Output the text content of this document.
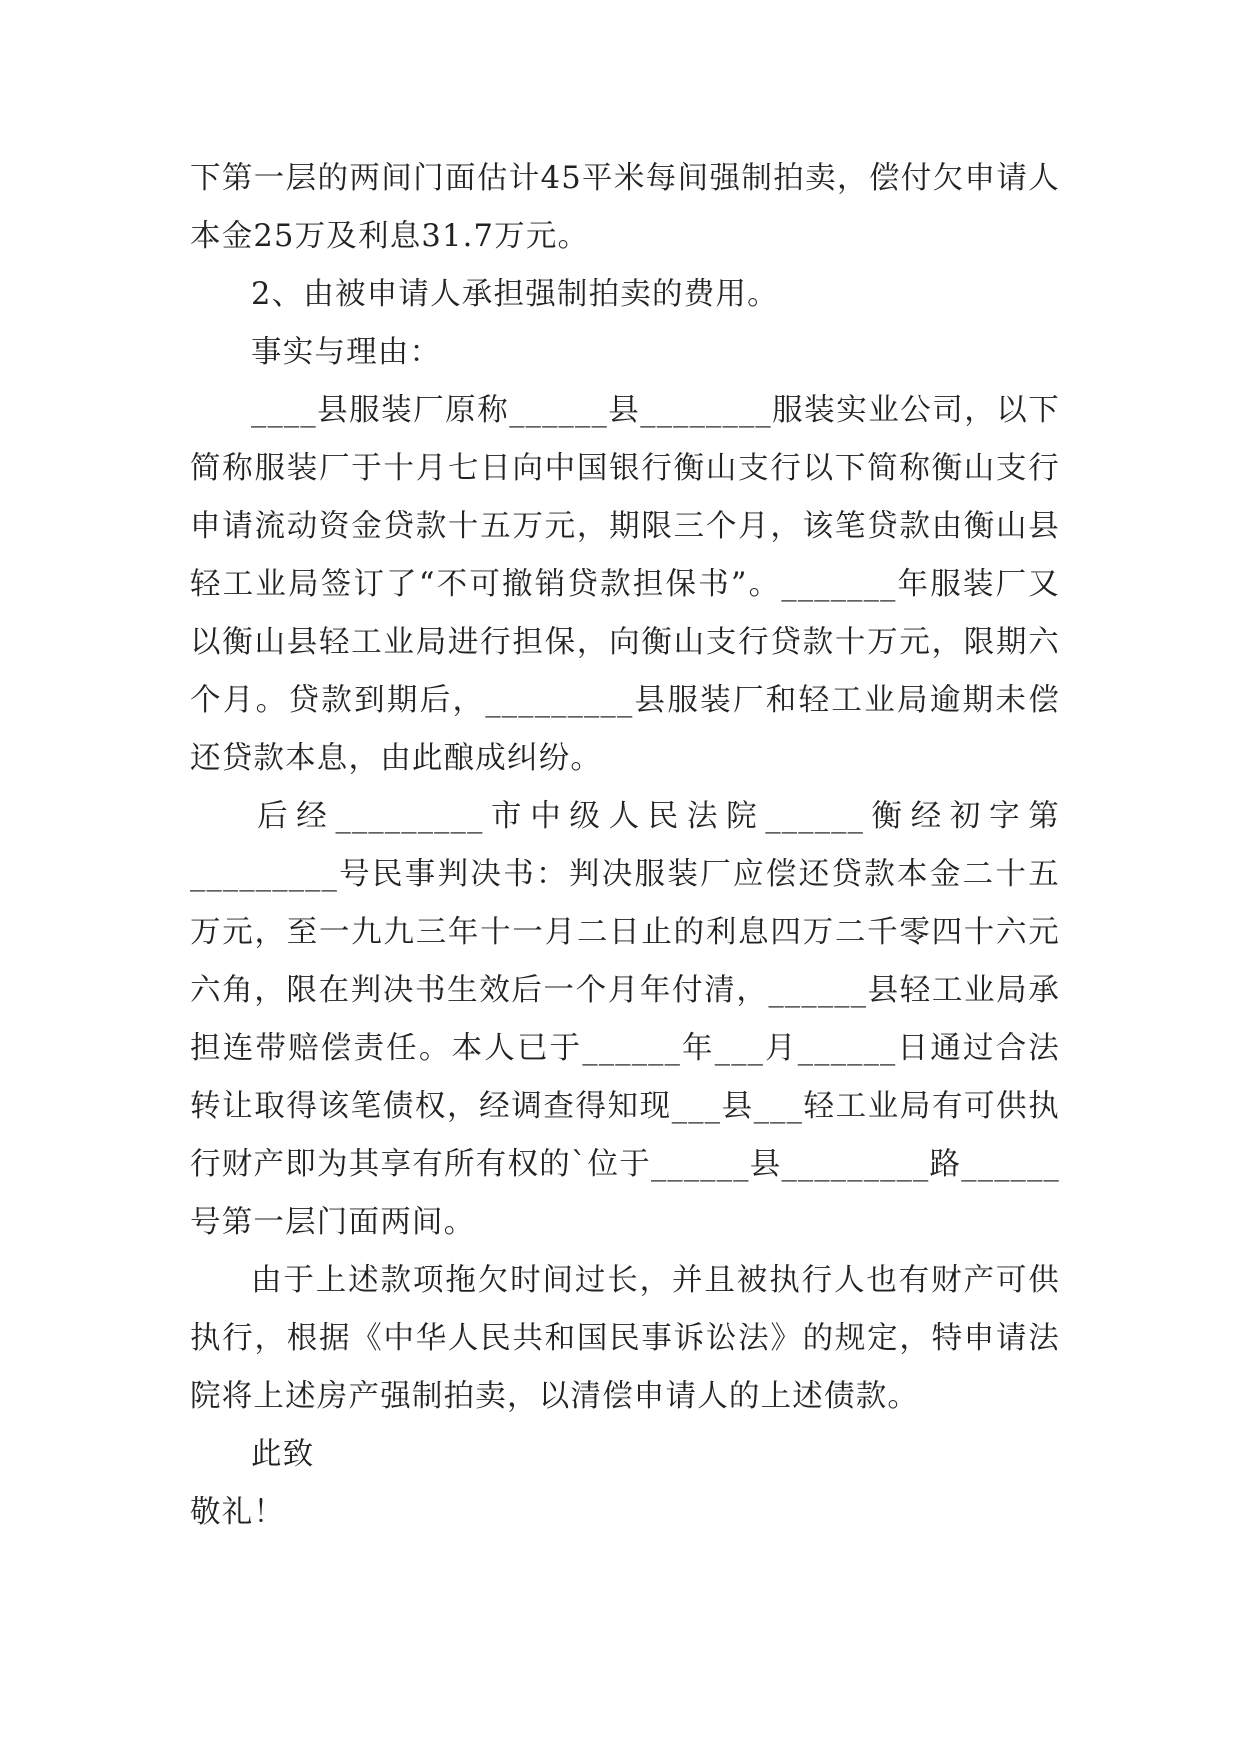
下第一层的两间门面估计45平米每间强制拍卖，偿付欠申请人本金25万及利息31.7万元。

2、由被申请人承担强制拍卖的费用。

事实与理由：

____县服装厂原称______县________服装实业公司，以下简称服装厂于十月七日向中国银行衡山支行以下简称衡山支行申请流动资金贷款十五万元，期限三个月，该笔贷款由衡山县轻工业局签订了“不可撤销贷款担保书”。_______年服装厂又以衡山县轻工业局进行担保，向衡山支行贷款十万元，限期六个月。贷款到期后，_________县服装厂和轻工业局逾期未偿还贷款本息，由此酿成纠纷。

后经_________市中级人民法院______衡经初字第_________号民事判决书：判决服装厂应偿还贷款本金二十五万元，至一九九三年十一月二日止的利息四万二千零四十六元六角，限在判决书生效后一个月年付清，______县轻工业局承担连带赔偿责任。本人已于______年___月______日通过合法转让取得该笔债权，经调查得知现___县___轻工业局有可供执行财产即为其享有所有权的`位于______县_________路______号第一层门面两间。

由于上述款项拖欠时间过长，并且被执行人也有财产可供执行，根据《中华人民共和国民事诉讼法》的规定，特申请法院将上述房产强制拍卖，以清偿申请人的上述债款。

此致

敬礼！
